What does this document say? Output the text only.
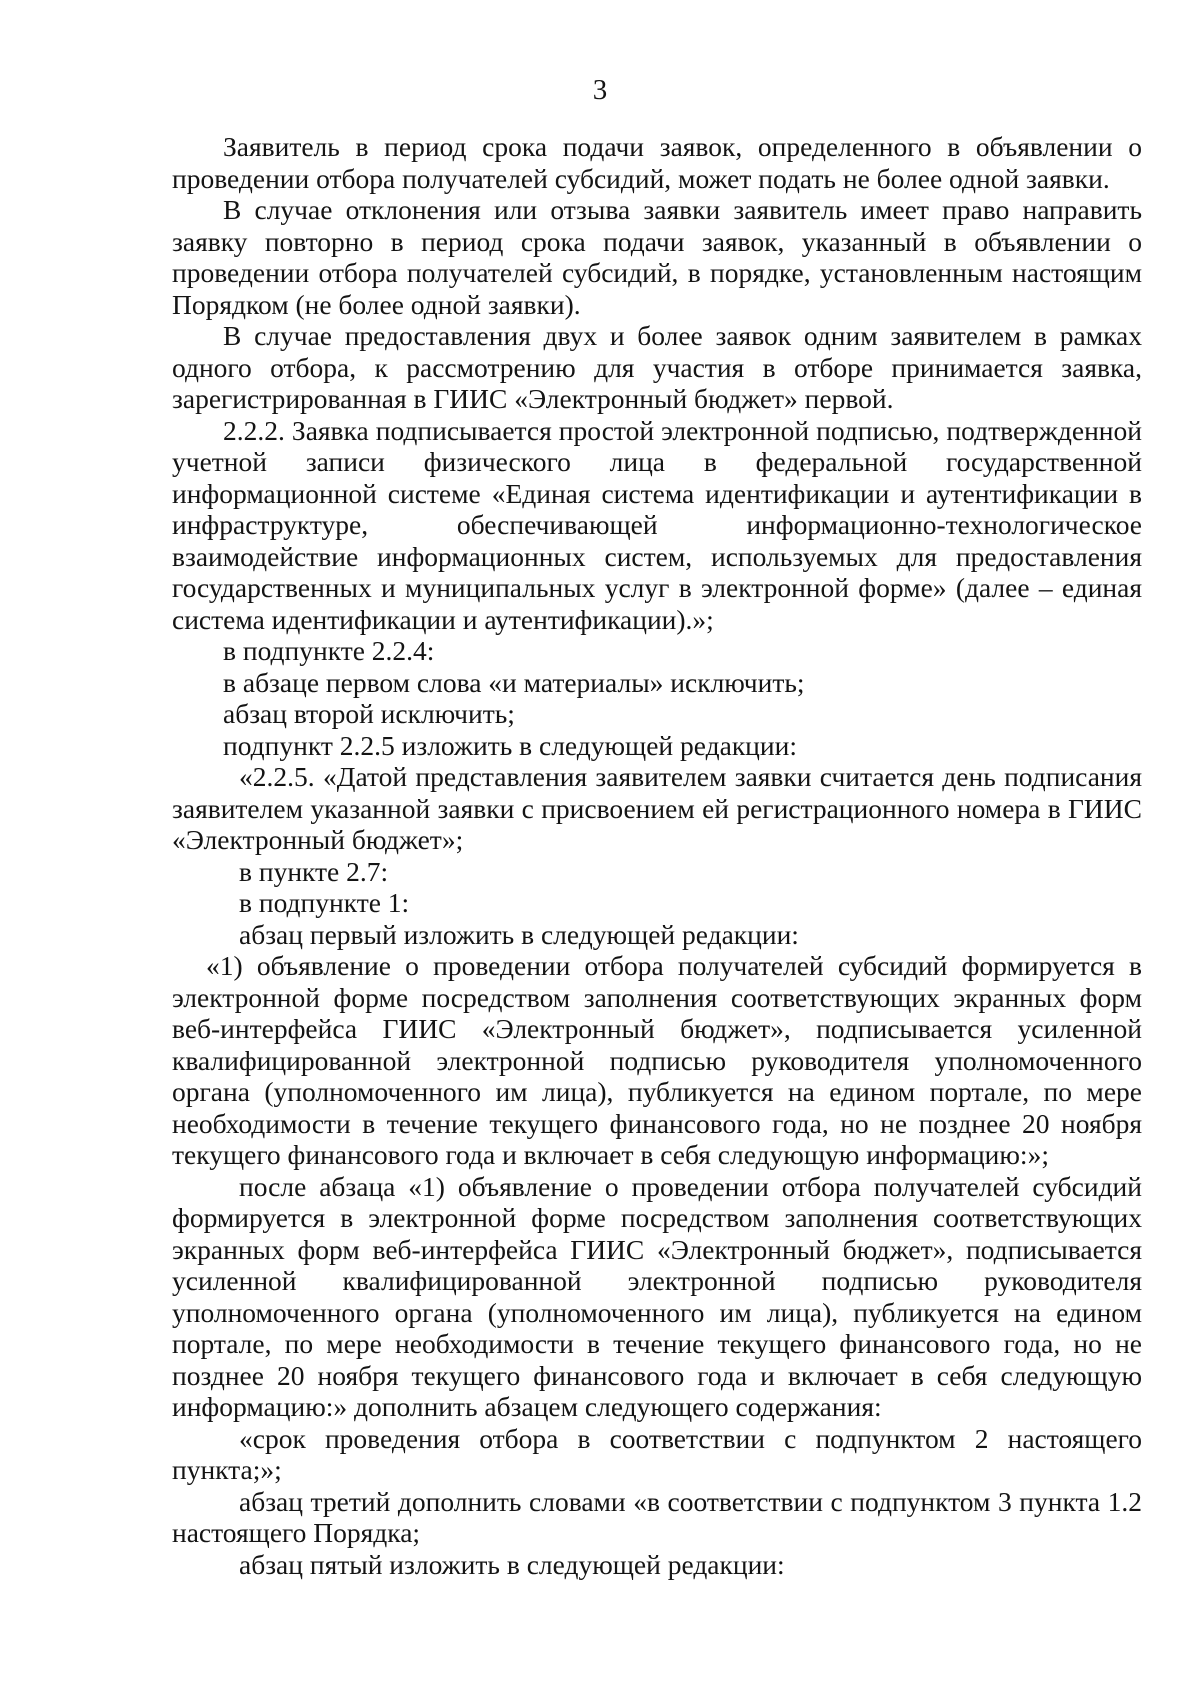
3

Заявитель в период срока подачи заявок, определенного в объявлении о проведении отбора получателей субсидий, может подать не более одной заявки.

В случае отклонения или отзыва заявки заявитель имеет право направить заявку повторно в период срока подачи заявок, указанный в объявлении о проведении отбора получателей субсидий, в порядке, установленным настоящим Порядком (не более одной заявки).

В случае предоставления двух и более заявок одним заявителем в рамках одного отбора, к рассмотрению для участия в отборе принимается заявка, зарегистрированная в ГИИС «Электронный бюджет» первой.

2.2.2. Заявка подписывается простой электронной подписью, подтвержденной учетной записи физического лица в федеральной государственной информационной системе «Единая система идентификации и аутентификации в инфраструктуре, обеспечивающей информационно-технологическое взаимодействие информационных систем, используемых для предоставления государственных и муниципальных услуг в электронной форме» (далее – единая система идентификации и аутентификации).»;

в подпункте 2.2.4:

в абзаце первом слова «и материалы» исключить;

абзац второй исключить;

подпункт 2.2.5 изложить в следующей редакции:

«2.2.5. «Датой представления заявителем заявки считается день подписания заявителем указанной заявки с присвоением ей регистрационного номера в ГИИС «Электронный бюджет»;

в пункте 2.7:

в подпункте 1:

абзац первый изложить в следующей редакции:

«1) объявление о проведении отбора получателей субсидий формируется в электронной форме посредством заполнения соответствующих экранных форм веб-интерфейса ГИИС «Электронный бюджет», подписывается усиленной квалифицированной электронной подписью руководителя уполномоченного органа (уполномоченного им лица), публикуется на едином портале, по мере необходимости в течение текущего финансового года, но не позднее 20 ноября текущего финансового года и включает в себя следующую информацию:»;

после абзаца «1) объявление о проведении отбора получателей субсидий формируется в электронной форме посредством заполнения соответствующих экранных форм веб-интерфейса ГИИС «Электронный бюджет», подписывается усиленной квалифицированной электронной подписью руководителя уполномоченного органа (уполномоченного им лица), публикуется на едином портале, по мере необходимости в течение текущего финансового года, но не позднее 20 ноября текущего финансового года и включает в себя следующую информацию:» дополнить абзацем следующего содержания:

«срок проведения отбора в соответствии с подпунктом 2 настоящего пункта;»;

абзац третий дополнить словами «в соответствии с подпунктом 3 пункта 1.2 настоящего Порядка;

абзац пятый изложить в следующей редакции:
